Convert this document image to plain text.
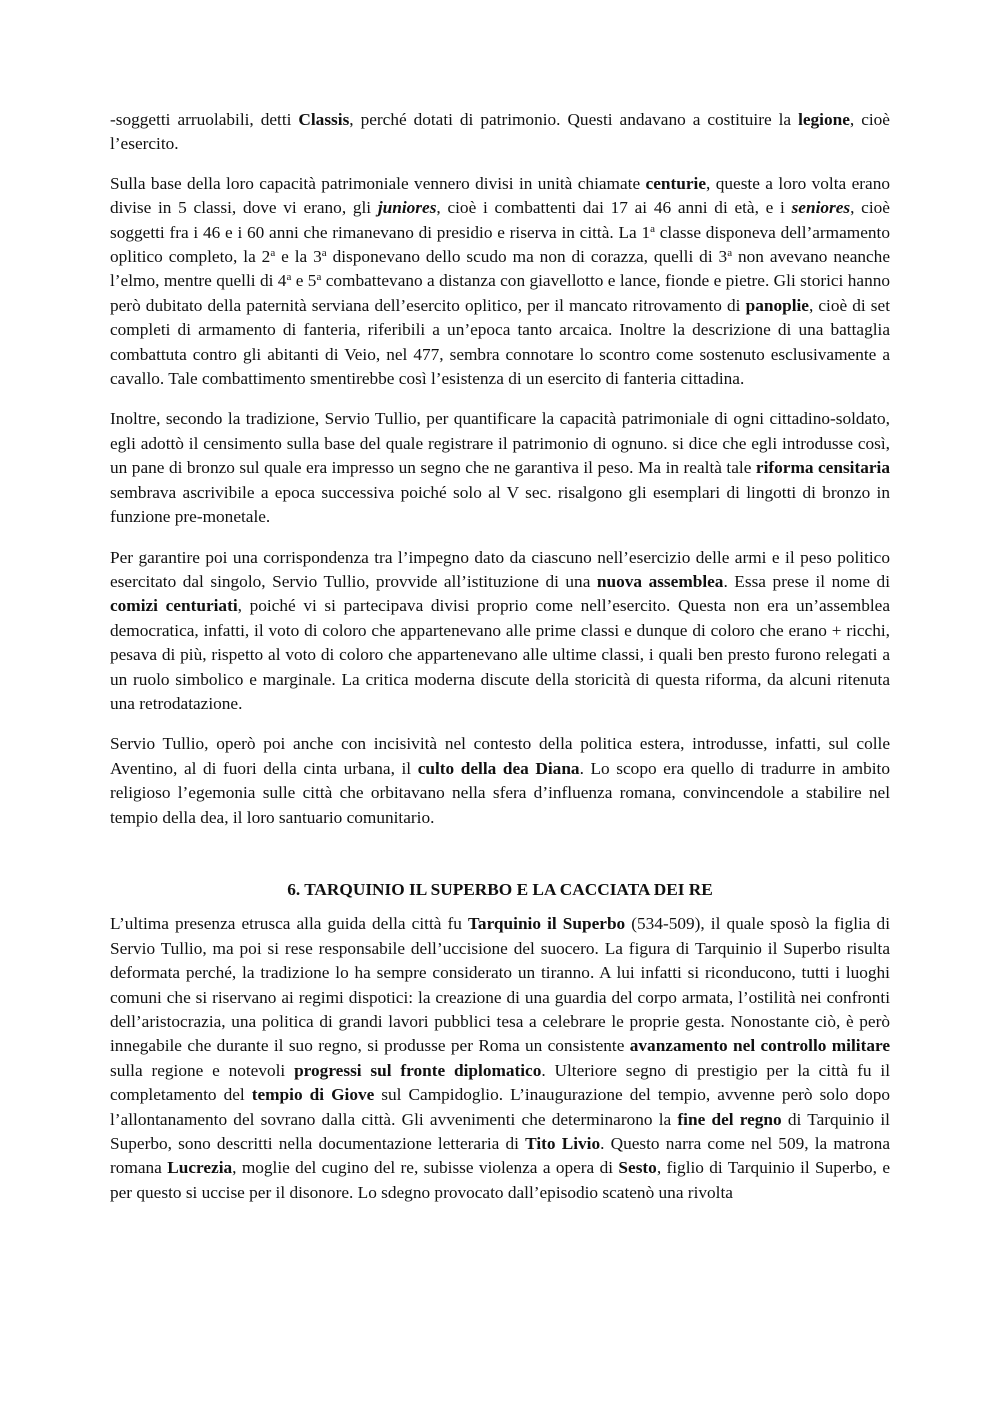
-soggetti arruolabili, detti Classis, perché dotati di patrimonio. Questi andavano a costituire la legione, cioè l’esercito.

Sulla base della loro capacità patrimoniale vennero divisi in unità chiamate centurie, queste a loro volta erano divise in 5 classi, dove vi erano, gli juniores, cioè i combattenti dai 17 ai 46 anni di età, e i seniores, cioè soggetti fra i 46 e i 60 anni che rimanevano di presidio e riserva in città. La 1$^a$ classe disponeva dell’armamento oplitico completo, la 2$^a$ e la 3$^a$ disponevano dello scudo ma non di corazza, quelli di 3$^a$ non avevano neanche l’elmo, mentre quelli di 4$^a$ e 5$^a$ combattevano a distanza con giavellotto e lance, fionde e pietre. Gli storici hanno però dubitato della paternità serviana dell’esercito oplitico, per il mancato ritrovamento di panoplie, cioè di set completi di armamento di fanteria, riferibili a un’epoca tanto arcaica. Inoltre la descrizione di una battaglia combattuta contro gli abitanti di Veio, nel 477, sembra connotare lo scontro come sostenuto esclusivamente a cavallo. Tale combattimento smentirebbe così l’esistenza di un esercito di fanteria cittadina.

Inoltre, secondo la tradizione, Servio Tullio, per quantificare la capacità patrimoniale di ogni cittadino-soldato, egli adottò il censimento sulla base del quale registrare il patrimonio di ognuno. si dice che egli introdusse così, un pane di bronzo sul quale era impresso un segno che ne garantiva il peso. Ma in realtà tale riforma censitaria sembrava ascrivibile a epoca successiva poiché solo al V sec. risalgono gli esemplari di lingotti di bronzo in funzione pre-monetale.

Per garantire poi una corrispondenza tra l’impegno dato da ciascuno nell’esercizio delle armi e il peso politico esercitato dal singolo, Servio Tullio, provvide all’istituzione di una nuova assemblea. Essa prese il nome di comizi centuriati, poiché vi si partecipava divisi proprio come nell’esercito. Questa non era un’assemblea democratica, infatti, il voto di coloro che appartenevano alle prime classi e dunque di coloro che erano + ricchi, pesava di più, rispetto al voto di coloro che appartenevano alle ultime classi, i quali ben presto furono relegati a un ruolo simbolico e marginale. La critica moderna discute della storicità di questa riforma, da alcuni ritenuta una retrodatazione.

Servio Tullio, operò poi anche con incisività nel contesto della politica estera, introdusse, infatti, sul colle Aventino, al di fuori della cinta urbana, il culto della dea Diana. Lo scopo era quello di tradurre in ambito religioso l’egemonia sulle città che orbitavano nella sfera d’influenza romana, convincendole a stabilire nel tempio della dea, il loro santuario comunitario.

6. TARQUINIO IL SUPERBO E LA CACCIATA DEI RE

L’ultima presenza etrusca alla guida della città fu Tarquinio il Superbo (534-509), il quale sposò la figlia di Servio Tullio, ma poi si rese responsabile dell’uccisione del suocero. La figura di Tarquinio il Superbo risulta deformata perché, la tradizione lo ha sempre considerato un tiranno. A lui infatti si riconducono, tutti i luoghi comuni che si riservano ai regimi dispotici: la creazione di una guardia del corpo armata, l’ostilità nei confronti dell’aristocrazia, una politica di grandi lavori pubblici tesa a celebrare le proprie gesta. Nonostante ciò, è però innegabile che durante il suo regno, si produsse per Roma un consistente avanzamento nel controllo militare sulla regione e notevoli progressi sul fronte diplomatico. Ulteriore segno di prestigio per la città fu il completamento del tempio di Giove sul Campidoglio. L’inaugurazione del tempio, avvenne però solo dopo l’allontanamento del sovrano dalla città. Gli avvenimenti che determinarono la fine del regno di Tarquinio il Superbo, sono descritti nella documentazione letteraria di Tito Livio. Questo narra come nel 509, la matrona romana Lucrezia, moglie del cugino del re, subisse violenza a opera di Sesto, figlio di Tarquinio il Superbo, e per questo si uccise per il disonore. Lo sdegno provocato dall’episodio scatenò una rivolta
